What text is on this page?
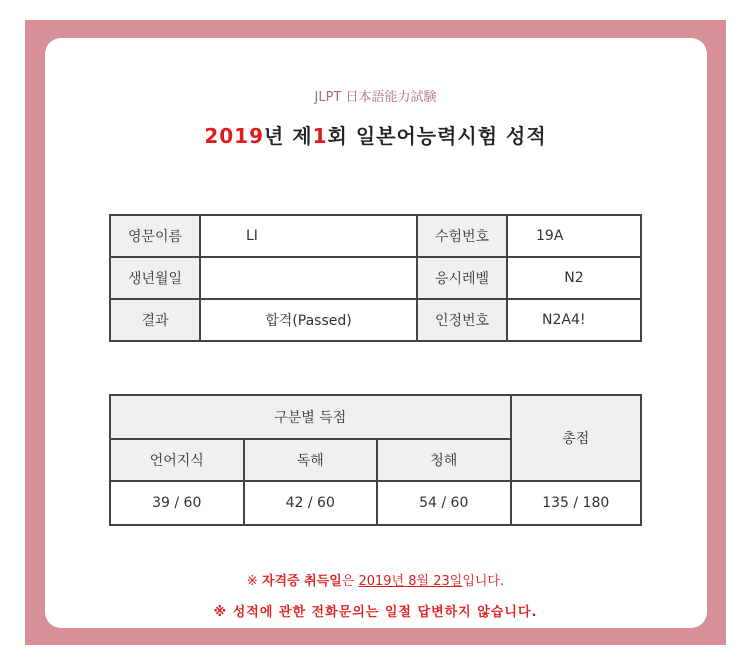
JLPT 日本語能力試験
2019년 제1회 일본어능력시험 성적
영문이름	LI	수험번호	19A
생년월일		응시레벨	N2
결과	합격(Passed)	인정번호	N2A4!
구분별 득점			총점
언어지식	독해	청해	
39 / 60	42 / 60	54 / 60	135 / 180
※ 자격증 취득일은 2019년 8월 23일입니다.
※ 성적에 관한 전화문의는 일절 답변하지 않습니다.
